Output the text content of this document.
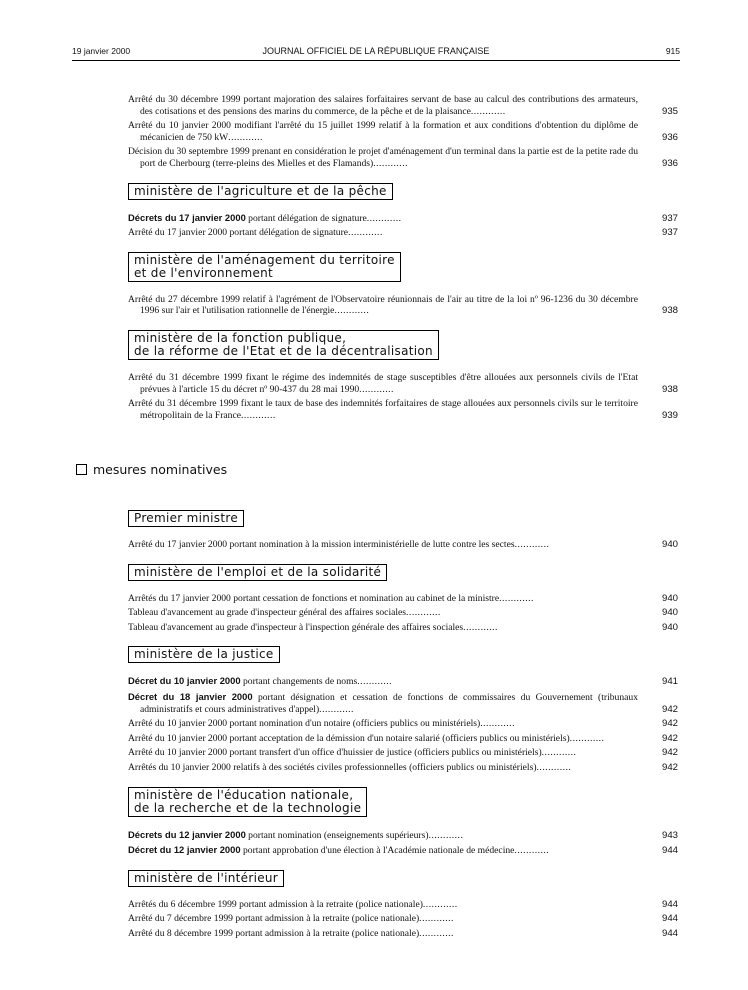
19 janvier 2000	JOURNAL OFFICIEL DE LA RÉPUBLIQUE FRANÇAISE	915
Arrêté du 30 décembre 1999 portant majoration des salaires forfaitaires servant de base au calcul des contributions des armateurs, des cotisations et des pensions des marins du commerce, de la pêche et de la plaisance............	935
Arrêté du 10 janvier 2000 modifiant l'arrêté du 15 juillet 1999 relatif à la formation et aux conditions d'obtention du diplôme de mécanicien de 750 kW............	936
Décision du 30 septembre 1999 prenant en considération le projet d'aménagement d'un terminal dans la partie est de la petite rade du port de Cherbourg (terre-pleins des Mielles et des Flamands)............	936
ministère de l'agriculture et de la pêche
Décrets du 17 janvier 2000 portant délégation de signature............	937
Arrêté du 17 janvier 2000 portant délégation de signature............	937
ministère de l'aménagement du territoire
et de l'environnement
Arrêté du 27 décembre 1999 relatif à l'agrément de l'Observatoire réunionnais de l'air au titre de la loi nº 96-1236 du 30 décembre 1996 sur l'air et l'utilisation rationnelle de l'énergie............	938
ministère de la fonction publique,
de la réforme de l'Etat et de la décentralisation
Arrêté du 31 décembre 1999 fixant le régime des indemnités de stage susceptibles d'être allouées aux personnels civils de l'Etat prévues à l'article 15 du décret nº 90-437 du 28 mai 1990............	938
Arrêté du 31 décembre 1999 fixant le taux de base des indemnités forfaitaires de stage allouées aux personnels civils sur le territoire métropolitain de la France............	939
mesures nominatives
Premier ministre
Arrêté du 17 janvier 2000 portant nomination à la mission interministérielle de lutte contre les sectes............	940
ministère de l'emploi et de la solidarité
Arrêtés du 17 janvier 2000 portant cessation de fonctions et nomination au cabinet de la ministre............	940
Tableau d'avancement au grade d'inspecteur général des affaires sociales............	940
Tableau d'avancement au grade d'inspecteur à l'inspection générale des affaires sociales............	940
ministère de la justice
Décret du 10 janvier 2000 portant changements de noms............	941
Décret du 18 janvier 2000 portant désignation et cessation de fonctions de commissaires du Gouvernement (tribunaux administratifs et cours administratives d'appel)............	942
Arrêté du 10 janvier 2000 portant nomination d'un notaire (officiers publics ou ministériels)............	942
Arrêté du 10 janvier 2000 portant acceptation de la démission d'un notaire salarié (officiers publics ou ministériels)............	942
Arrêté du 10 janvier 2000 portant transfert d'un office d'huissier de justice (officiers publics ou ministériels)............	942
Arrêtés du 10 janvier 2000 relatifs à des sociétés civiles professionnelles (officiers publics ou ministériels)............	942
ministère de l'éducation nationale,
de la recherche et de la technologie
Décrets du 12 janvier 2000 portant nomination (enseignements supérieurs)............	943
Décret du 12 janvier 2000 portant approbation d'une élection à l'Académie nationale de médecine............	944
ministère de l'intérieur
Arrêtés du 6 décembre 1999 portant admission à la retraite (police nationale)............	944
Arrêté du 7 décembre 1999 portant admission à la retraite (police nationale)............	944
Arrêté du 8 décembre 1999 portant admission à la retraite (police nationale)............	944
